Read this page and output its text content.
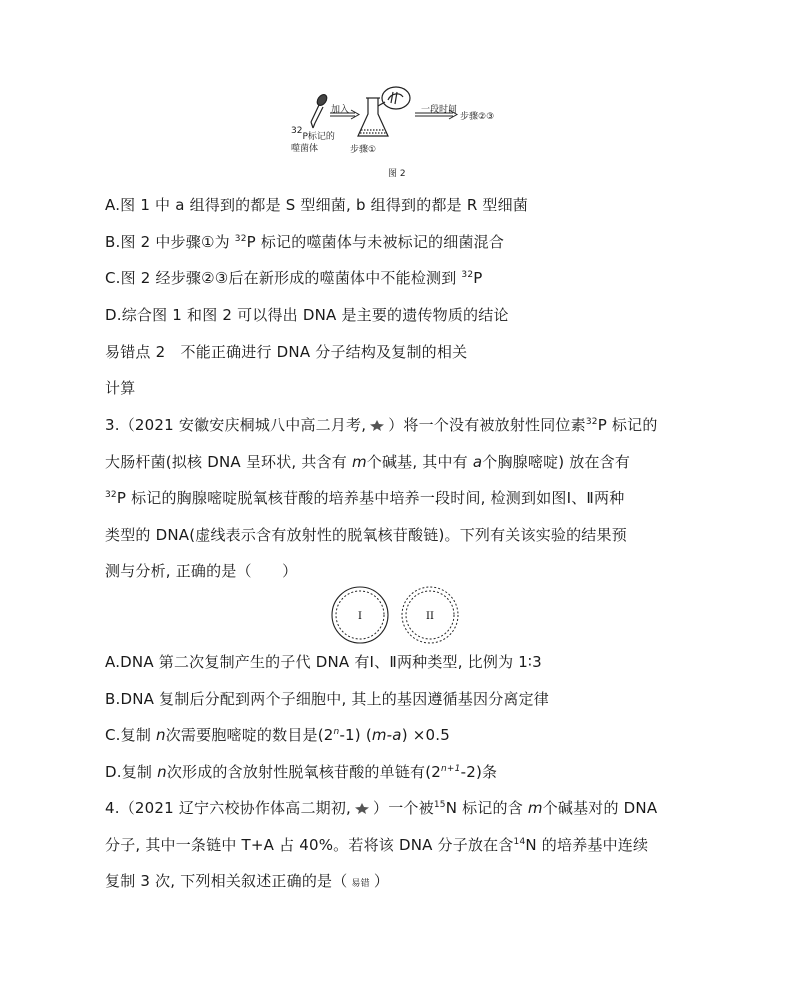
加入	一段时间
步骤②③
$^{32}$P标记的
噬菌体	步骤①
图 2
A.图 1 中 a 组得到的都是 S 型细菌, b 组得到的都是 R 型细菌
B.图 2 中步骤①为 $^{32}$P 标记的噬菌体与未被标记的细菌混合
C.图 2 经步骤②③后在新形成的噬菌体中不能检测到 $^{32}$P
D.综合图 1 和图 2 可以得出 DNA 是主要的遗传物质的结论
易错点 2　不能正确进行 DNA 分子结构及复制的相关
计算
3.（2021 安徽安庆桐城八中高二月考, ）将一个没有被放射性同位素$^{32}$P 标记的
大肠杆菌(拟核 DNA 呈环状, 共含有 m个碱基, 其中有 a个胸腺嘧啶) 放在含有
$^{32}$P 标记的胸腺嘧啶脱氧核苷酸的培养基中培养一段时间, 检测到如图Ⅰ、Ⅱ两种
类型的 DNA(虚线表示含有放射性的脱氧核苷酸链)。下列有关该实验的结果预
测与分析, 正确的是（　　）
I	II
A.DNA 第二次复制产生的子代 DNA 有Ⅰ、Ⅱ两种类型, 比例为 1∶3
B.DNA 复制后分配到两个子细胞中, 其上的基因遵循基因分离定律
C.复制 n次需要胞嘧啶的数目是(2$^n$-1) (m-a) ×0.5
D.复制 n次形成的含放射性脱氧核苷酸的单链有$(2^{n+1}-2)$条
4.（2021 辽宁六校协作体高二期初, ）一个被$^{15}$N 标记的含 m个碱基对的 DNA
分子, 其中一条链中 T+A 占 40%。若将该 DNA 分子放在含$^{14}$N 的培养基中连续
复制 3 次, 下列相关叙述正确的是（ 易错 ）
